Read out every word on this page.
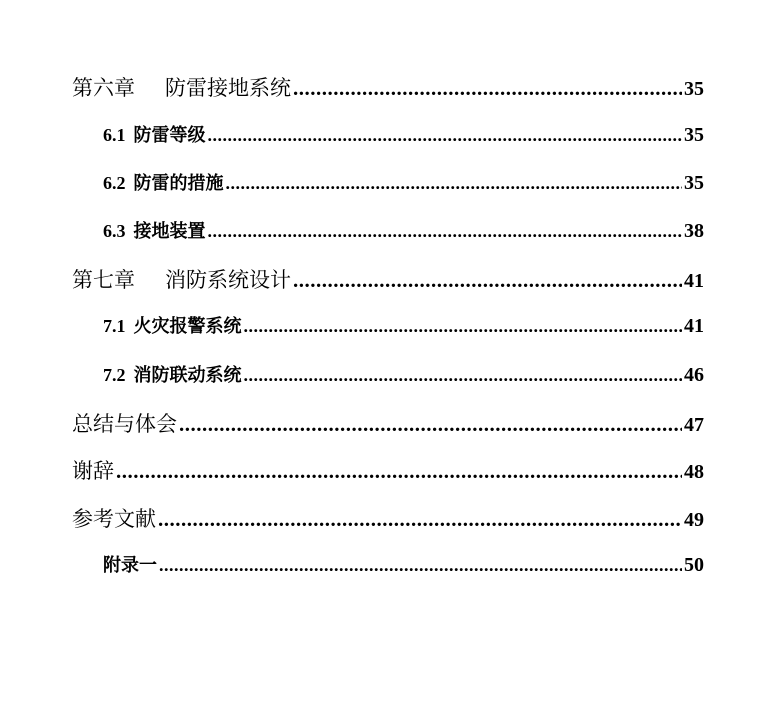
第六章 防雷接地系统 .....	35
6.1 防雷等级 .....	35
6.2 防雷的措施 .....	35
6.3 接地装置 .....	38
第七章 消防系统设计 .....	41
7.1 火灾报警系统 .....	41
7.2 消防联动系统 .....	46
总结与体会 .....	47
谢辞 .....	48
参考文献 .....	49
附录一 .....	50
